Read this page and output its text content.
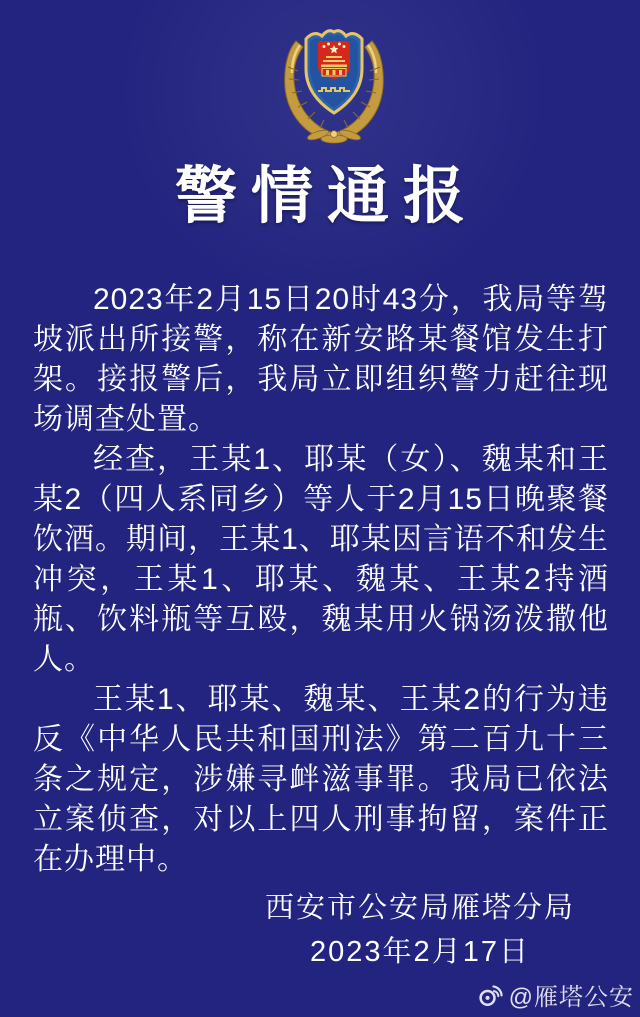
警情通报

2023年2月15日20时43分，我局等驾坡派出所接警，称在新安路某餐馆发生打架。接报警后，我局立即组织警力赶往现场调查处置。

经查，王某1、耶某（女）、魏某和王某2（四人系同乡）等人于2月15日晚聚餐饮酒。期间，王某1、耶某因言语不和发生冲突，王某1、耶某、魏某、王某2持酒瓶、饮料瓶等互殴，魏某用火锅汤泼撒他人。

王某1、耶某、魏某、王某2的行为违反《中华人民共和国刑法》第二百九十三条之规定，涉嫌寻衅滋事罪。我局已依法立案侦查，对以上四人刑事拘留，案件正在办理中。

西安市公安局雁塔分局
2023年2月17日
@雁塔公安
